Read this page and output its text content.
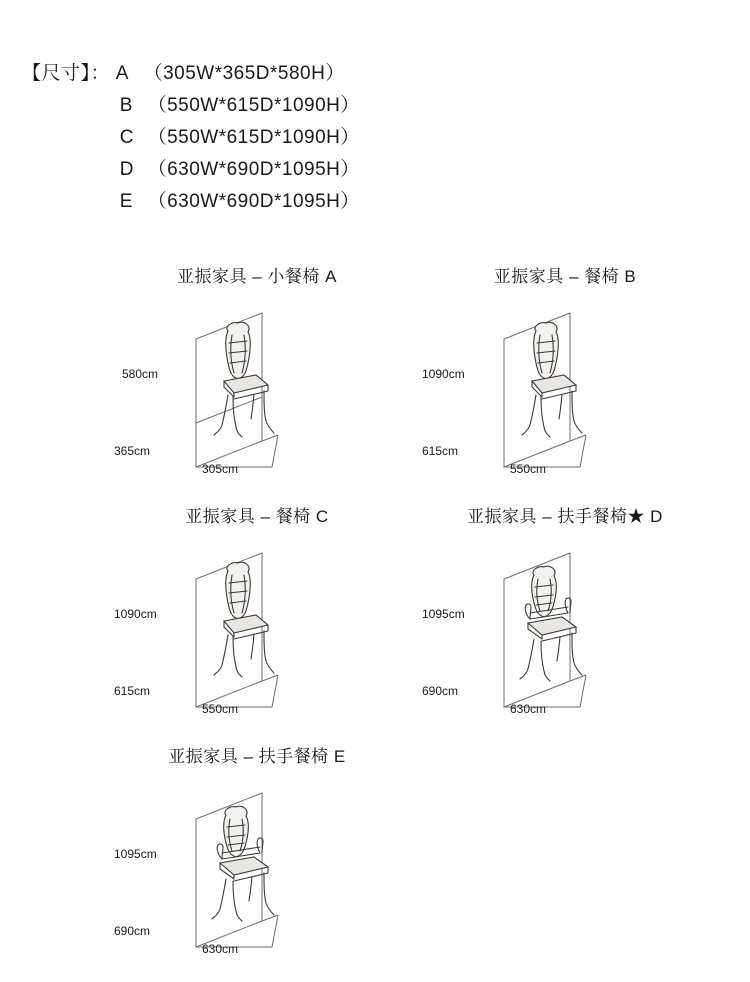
【尺寸】： A （305W*365D*580H）
B （550W*615D*1090H）
C （550W*615D*1090H）
D （630W*690D*1095H）
E （630W*690D*1095H）
亚振家具 – 小餐椅 A
580cm
365cm
305cm
亚振家具 – 餐椅 B
1090cm
615cm
550cm
亚振家具 – 餐椅 C
1090cm
615cm
550cm
亚振家具 – 扶手餐椅★ D
1095cm
690cm
630cm
亚振家具 – 扶手餐椅 E
1095cm
690cm
630cm
